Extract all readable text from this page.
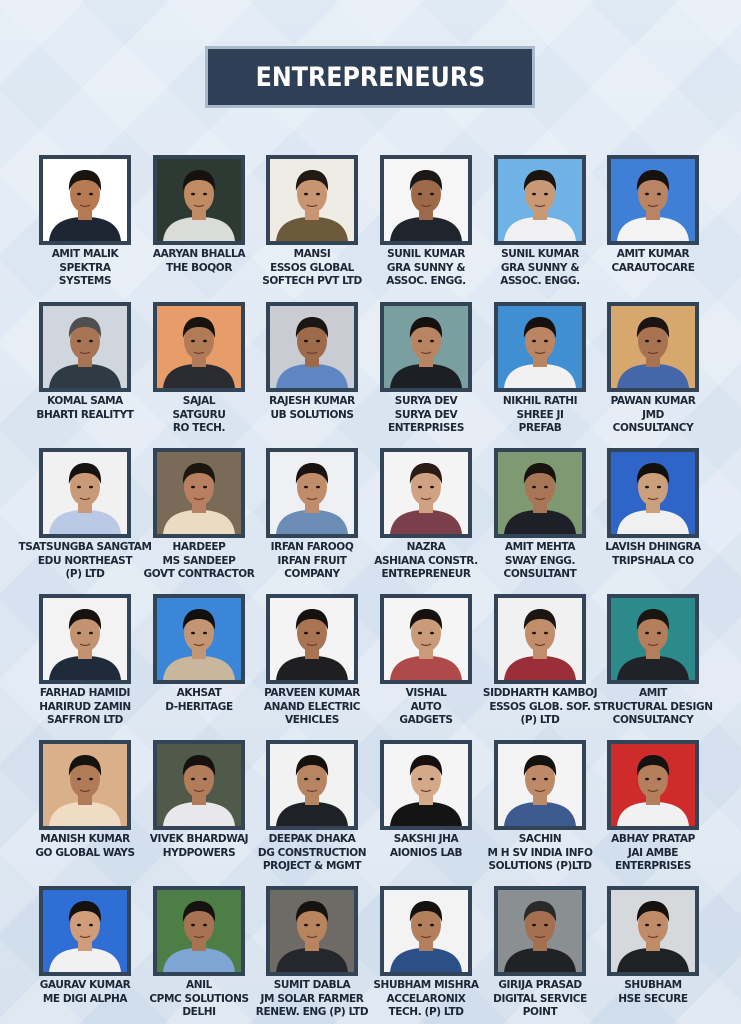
ENTREPRENEURS
AMIT MALIK
SPEKTRA
SYSTEMS
AARYAN BHALLA
THE BOQOR
MANSI
ESSOS GLOBAL
SOFTECH PVT LTD
SUNIL KUMAR
GRA SUNNY &
ASSOC. ENGG.
SUNIL KUMAR
GRA SUNNY &
ASSOC. ENGG.
AMIT KUMAR
CARAUTOCARE
KOMAL SAMA
BHARTI REALITYT
SAJAL
SATGURU
RO TECH.
RAJESH KUMAR
UB SOLUTIONS
SURYA DEV
SURYA DEV
ENTERPRISES
NIKHIL RATHI
SHREE JI
PREFAB
PAWAN KUMAR
JMD
CONSULTANCY
TSATSUNGBA SANGTAM
EDU NORTHEAST
(P) LTD
HARDEEP
MS SANDEEP
GOVT CONTRACTOR
IRFAN FAROOQ
IRFAN FRUIT
COMPANY
NAZRA
ASHIANA CONSTR.
ENTREPRENEUR
AMIT MEHTA
SWAY ENGG.
CONSULTANT
LAVISH DHINGRA
TRIPSHALA CO
FARHAD HAMIDI
HARIRUD ZAMIN
SAFFRON LTD
AKHSAT
D-HERITAGE
PARVEEN KUMAR
ANAND ELECTRIC
VEHICLES
VISHAL
AUTO
GADGETS
SIDDHARTH KAMBOJ
ESSOS GLOB. SOF.
(P) LTD
AMIT
STRUCTURAL DESIGN
CONSULTANCY
MANISH KUMAR
GO GLOBAL WAYS
VIVEK BHARDWAJ
HYDPOWERS
DEEPAK DHAKA
DG CONSTRUCTION
PROJECT & MGMT
SAKSHI JHA
AIONIOS LAB
SACHIN
M H SV INDIA INFO
SOLUTIONS (P)LTD
ABHAY PRATAP
JAI AMBE
ENTERPRISES
GAURAV KUMAR
ME DIGI ALPHA
ANIL
CPMC SOLUTIONS
DELHI
SUMIT DABLA
JM SOLAR FARMER
RENEW. ENG (P) LTD
SHUBHAM MISHRA
ACCELARONIX
TECH. (P) LTD
GIRIJA PRASAD
DIGITAL SERVICE
POINT
SHUBHAM
HSE SECURE
